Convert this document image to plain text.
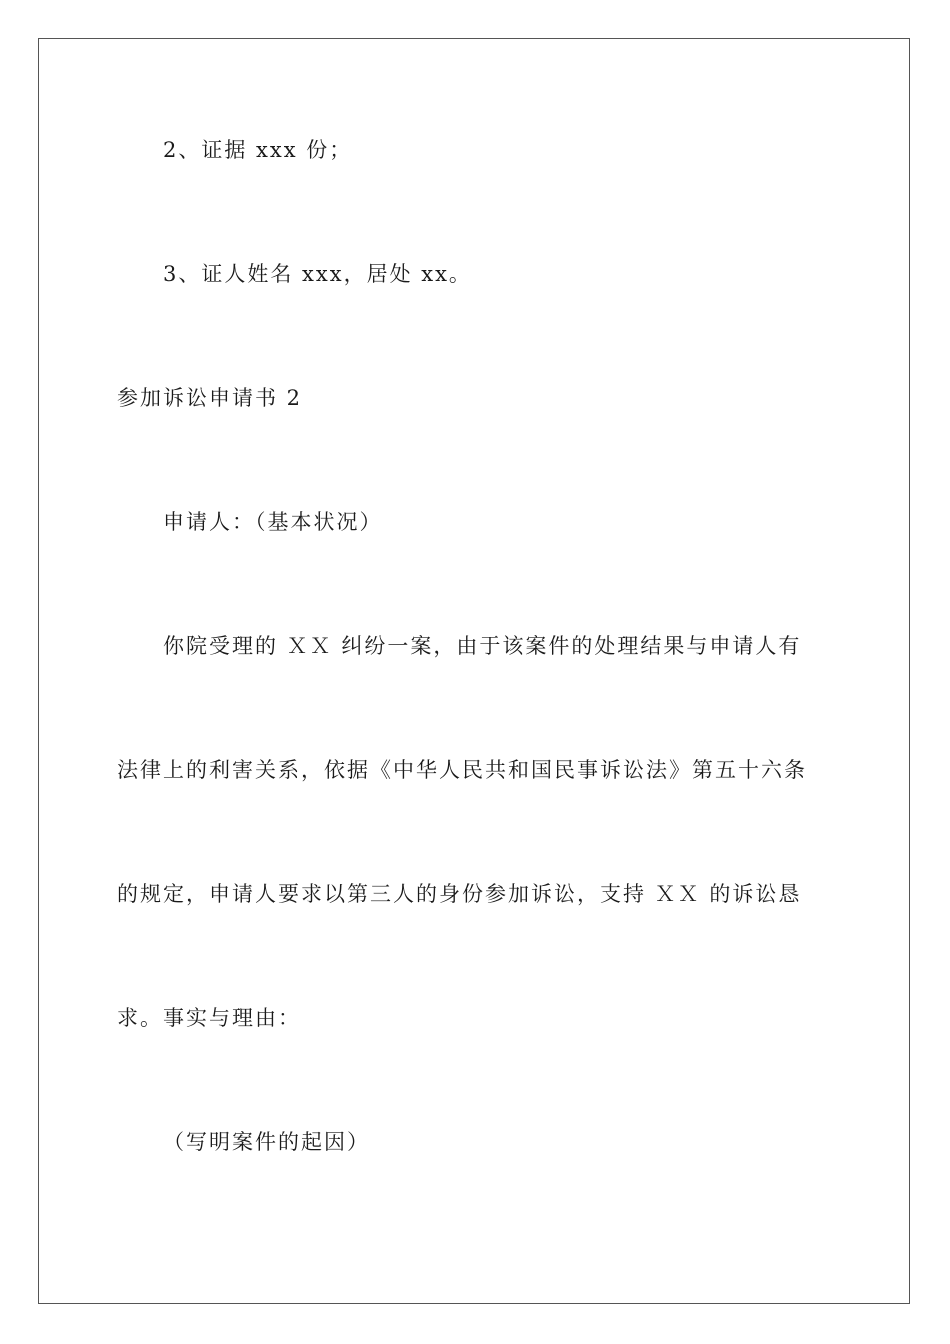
2、证据 xxx 份；
3、证人姓名 xxx，居处 xx。
参加诉讼申请书 2
申请人：（基本状况）
你院受理的 ＸＸ 纠纷一案，由于该案件的处理结果与申请人有
法律上的利害关系，依据《中华人民共和国民事诉讼法》第五十六条
的规定，申请人要求以第三人的身份参加诉讼，支持 ＸＸ 的诉讼恳
求。事实与理由：
（写明案件的起因）
